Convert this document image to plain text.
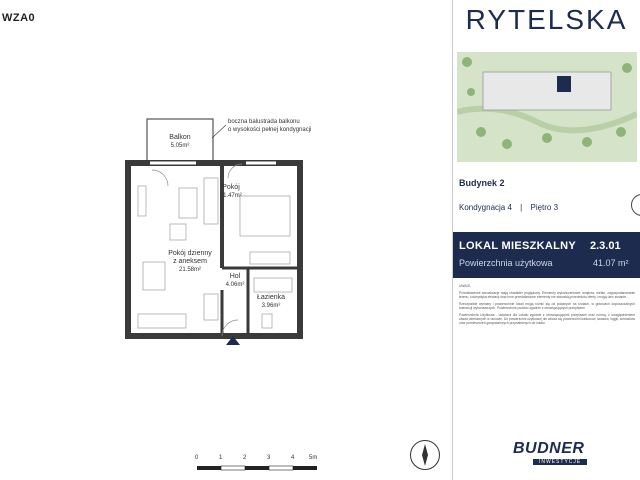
WZA0
Balkon
5.05m²
Pokój dzienny
z aneksem
21.58m²
Pokój
11.47m²
Hol
4.06m²
Łazienka
3.96m²
boczna balustrada balkonu
o wysokości pełnej kondygnacji
0	1	2	3	4 5m
RYTELSKA
Budynek 2
Kondygnacja 4 | Piętro 3
LOKAL MIESZKALNY 2.3.01
Powierzchnia użytkowa	41.07 m²

UWAGI:

Przedstawione wizualizacje mają charakter poglądowy. Elementy wykończeniowe, wnętrza, meble, zagospodarowanie terenu, kolorystyka elewacji oraz inne przedstawione elementy nie stanowią przedmiotu oferty i mogą ulec zmianie.

Rzeczywiste wymiary i powierzchnie lokali mogą różnić się od podanych na rzutach, w granicach dopuszczalnych tolerancji wykonawczych. Powierzchnie podano zgodnie z obowiązującymi przepisami.

Powierzchnia Użytkowa - ustalona dla Lokalu zgodnie z obowiązującymi przepisami oraz normą, z uwzględnieniem zasad określonych w umowie. Do powierzchni użytkowej nie wlicza się powierzchni balkonów, tarasów, loggii, schowków oraz pomieszczeń gospodarczych przynależnych do lokalu.

BUDNER
INWESTYCJE
